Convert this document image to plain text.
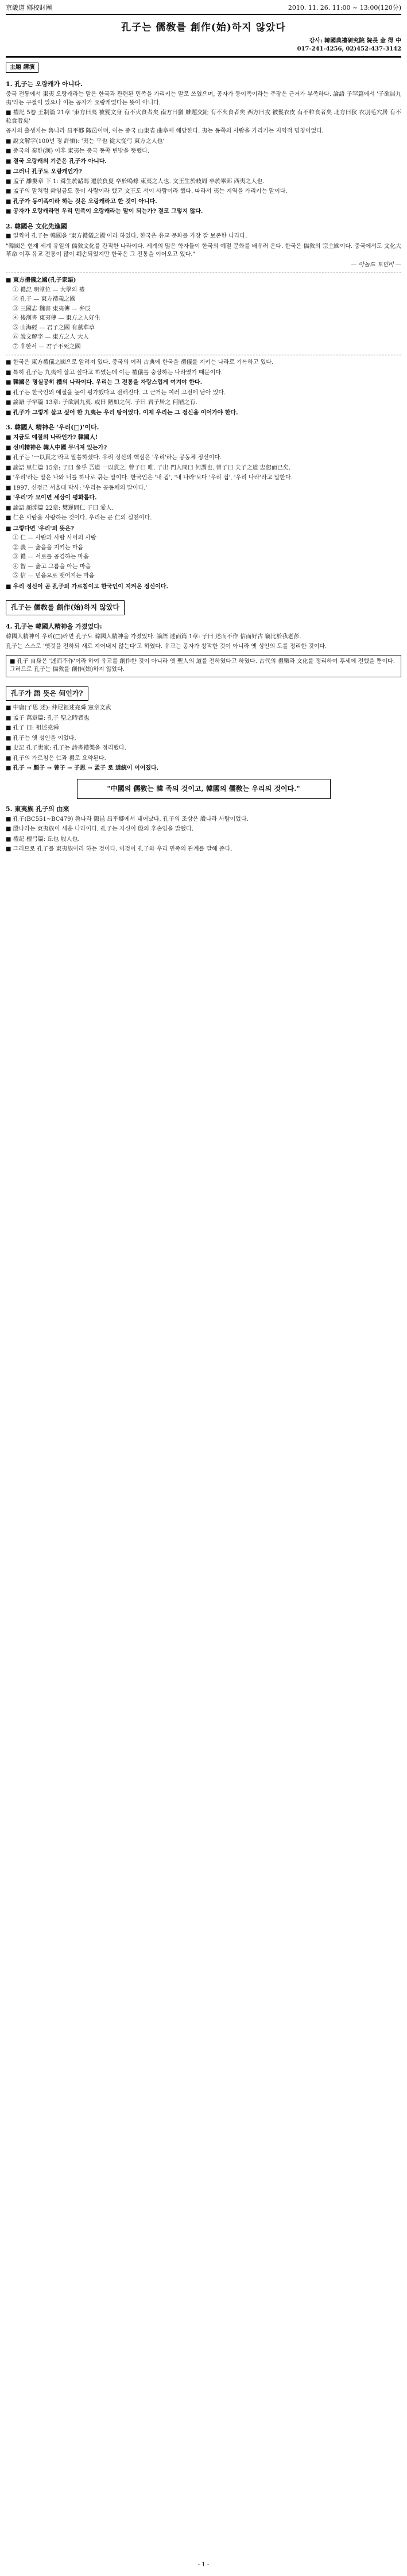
京畿道 鄕校財團	2010. 11. 26. 11:00 ~ 13:00(120分)
孔子는 儒敎를 創作(始)하지 않았다
강사: 韓國典禮硏究院 院長 金 得 中
017-241-4256, 02)452-437-3142
主題 講演
1. 孔子는 오랑캐가 아니다.
중국 전통에서 東夷 오랑캐라는 말은 한국과 관련된 민족을 가리키는 말로 쓰였으며, 공자가 동이족이라는 주장은 근거가 부족하다. 論語 子罕篇에서 '子欲居九夷'라는 구절이 있으나 이는 공자가 오랑캐였다는 뜻이 아니다.
■ 禮記 5卷 王制篇 21章 '東方曰夷 被髮文身 有不火食者矣 南方曰蠻 雕題交趾 有不火食者矣 西方曰戎 被髮衣皮 有不粒食者矣 北方曰狄 衣羽毛穴居 有不粒食者矣'
공자의 출생지는 魯나라 昌平鄕 陬邑이며, 이는 중국 山東省 曲阜에 해당한다. 夷는 동쪽의 사람을 가리키는 지역적 명칭이었다.
■ 說文解字(100년 경 許愼): '夷는 平也 從大從弓 東方之人也'
■ 중국의 秦한(漢) 이후 東夷는 중국 동쪽 변방을 뜻했다.
■ 결국 오랑캐의 기준은 孔子가 아니다.
■ 그러니 孔子도 오랑캐인가?
■ 孟子 離婁章 下 1: 舜生於諸馮 遷於負夏 卒於鳴條 東夷之人也. 文王生於岐周 卒於畢郢 西夷之人也.
■ 孟子의 말처럼 舜임금도 동이 사람이라 했고 文王도 서이 사람이라 했다. 따라서 夷는 지역을 가리키는 말이다.
■ 孔子가 동이족이라 하는 것은 오랑캐라고 한 것이 아니다.
■ 공자가 오랑캐라면 우리 민족이 오랑캐라는 말이 되는가? 결코 그렇지 않다.
2. 韓國은 文化先進國
■ 일찍이 孔子는 韓國을 '東方禮儀之國'이라 하였다. 한국은 유교 문화를 가장 잘 보존한 나라다.
"韓國은 현재 세계 유일의 儒敎文化를 간직한 나라이다. 세계의 많은 학자들이 한국의 예절 문화를 배우러 온다. 한국은 儒敎의 宗主國이다. 중국에서도 文化大革命 이후 유교 전통이 많이 훼손되었지만 한국은 그 전통을 이어오고 있다."
— 아놀드 토인비 —
■ 東方禮儀之國(孔子家語)
① 禮記 明堂位 — 大學의 禮
② 孔子 — 東方禮義之國
③ 三國志 魏書 東夷傳 — 弁辰
④ 後漢書 東夷傳 — 東方之人好生
⑤ 山海經 — 君子之國 有薰華草
⑥ 說文解字 — 東方之人 大人
⑦ 후한서 — 君子不死之國
■ 한국은 東方禮儀之國으로 알려져 있다. 중국의 여러 古典에 한국을 禮儀를 지키는 나라로 기록하고 있다.
■ 특히 孔子는 九夷에 살고 싶다고 하였는데 이는 禮儀를 숭상하는 나라였기 때문이다.
■ 韓國은 명실공히 禮의 나라이다. 우리는 그 전통을 자랑스럽게 여겨야 한다.
■ 孔子는 한국인의 예절을 높이 평가했다고 전해진다. 그 근거는 여러 고전에 남아 있다.
■ 論語 子罕篇 13章: 子欲居九夷. 或曰 陋如之何. 子曰 君子居之 何陋之有.
■ 孔子가 그렇게 살고 싶어 한 九夷는 우리 땅이었다. 이제 우리는 그 정신을 이어가야 한다.
3. 韓國人 精神은 '우리(□)'이다.
■ 지금도 예절의 나라인가? 韓國人!
■ 선비精神은 韓人中國 무너져 있는가?
■ 孔子는 '一以貫之'라고 말씀하셨다. 우리 정신의 핵심은 '우리'라는 공동체 정신이다.
■ 論語 里仁篇 15章: 子曰 參乎 吾道 一以貫之. 曾子曰 唯. 子出 門人問曰 何謂也. 曾子曰 夫子之道 忠恕而已矣.
■ '우리'라는 말은 나와 너를 하나로 묶는 말이다. 한국인은 '내 집', '내 나라'보다 '우리 집', '우리 나라'라고 말한다.
■ 1997. 신정근 서울대 박사: '우리는 공동체의 말이다.'
■ '우리'가 모이면 세상이 평화롭다.
■ 論語 顔淵篇 22章: 樊遲問仁 子曰 愛人.
■ 仁은 사람을 사랑하는 것이다. 우리는 곧 仁의 실천이다.
■ 그렇다면 '우리'의 뜻은?
① 仁 — 사람과 사람 사이의 사랑
② 義 — 옳음을 지키는 마음
③ 禮 — 서로를 공경하는 마음
④ 智 — 옳고 그름을 아는 마음
⑤ 信 — 믿음으로 맺어지는 마음
■ 우리 정신이 곧 孔子의 가르침이고 한국인이 지켜온 정신이다.
孔子는 儒敎를 創作(始)하지 않았다
4. 孔子는 韓國人精神을 가졌었다:
韓國人精神이 우리(□)라면 孔子도 韓國人精神을 가졌었다. 論語 述而篇 1章: 子曰 述而不作 信而好古 竊比於我老彭.
孔子는 스스로 '옛것을 전하되 새로 지어내지 않는다'고 하였다. 유교는 공자가 창작한 것이 아니라 옛 성인의 도를 정리한 것이다.
■ 孔子 自身은 '述而不作'이라 하여 유교를 創作한 것이 아니라 옛 聖人의 道를 전하였다고 하였다. 古代의 禮樂과 文化를 정리하여 후세에 전했을 뿐이다. 그러므로 孔子는 儒敎를 創作(始)하지 않았다.
孔子가 語 뜻은 何인가?
■ 中庸(子思 述): 仲尼祖述堯舜 憲章文武
■ 孟子 萬章篇: 孔子 聖之時者也
■ 孔子 曰: 祖述堯舜
■ 孔子는 옛 성인을 이었다.
■ 史記 孔子世家: 孔子는 詩書禮樂을 정리했다.
■ 孔子의 가르침은 仁과 禮로 요약된다.
■ 孔子 → 顏子 → 曾子 → 子思 → 孟子 로 道統이 이어졌다.
"中國의 儒敎는 韓 족의 것이고, 韓國의 儒敎는 우리의 것이다."
5. 東夷族 孔子의 由來
■ 孔子(BC551~BC479) 魯나라 陬邑 昌平鄕에서 태어났다. 孔子의 조상은 殷나라 사람이었다.
■ 殷나라는 東夷族이 세운 나라이다. 孔子는 자신이 殷의 후손임을 밝혔다.
■ 禮記 檀弓篇: 丘也 殷人也.
■ 그러므로 孔子를 東夷族이라 하는 것이다. 이것이 孔子와 우리 민족의 관계를 말해 준다.
- 1 -
